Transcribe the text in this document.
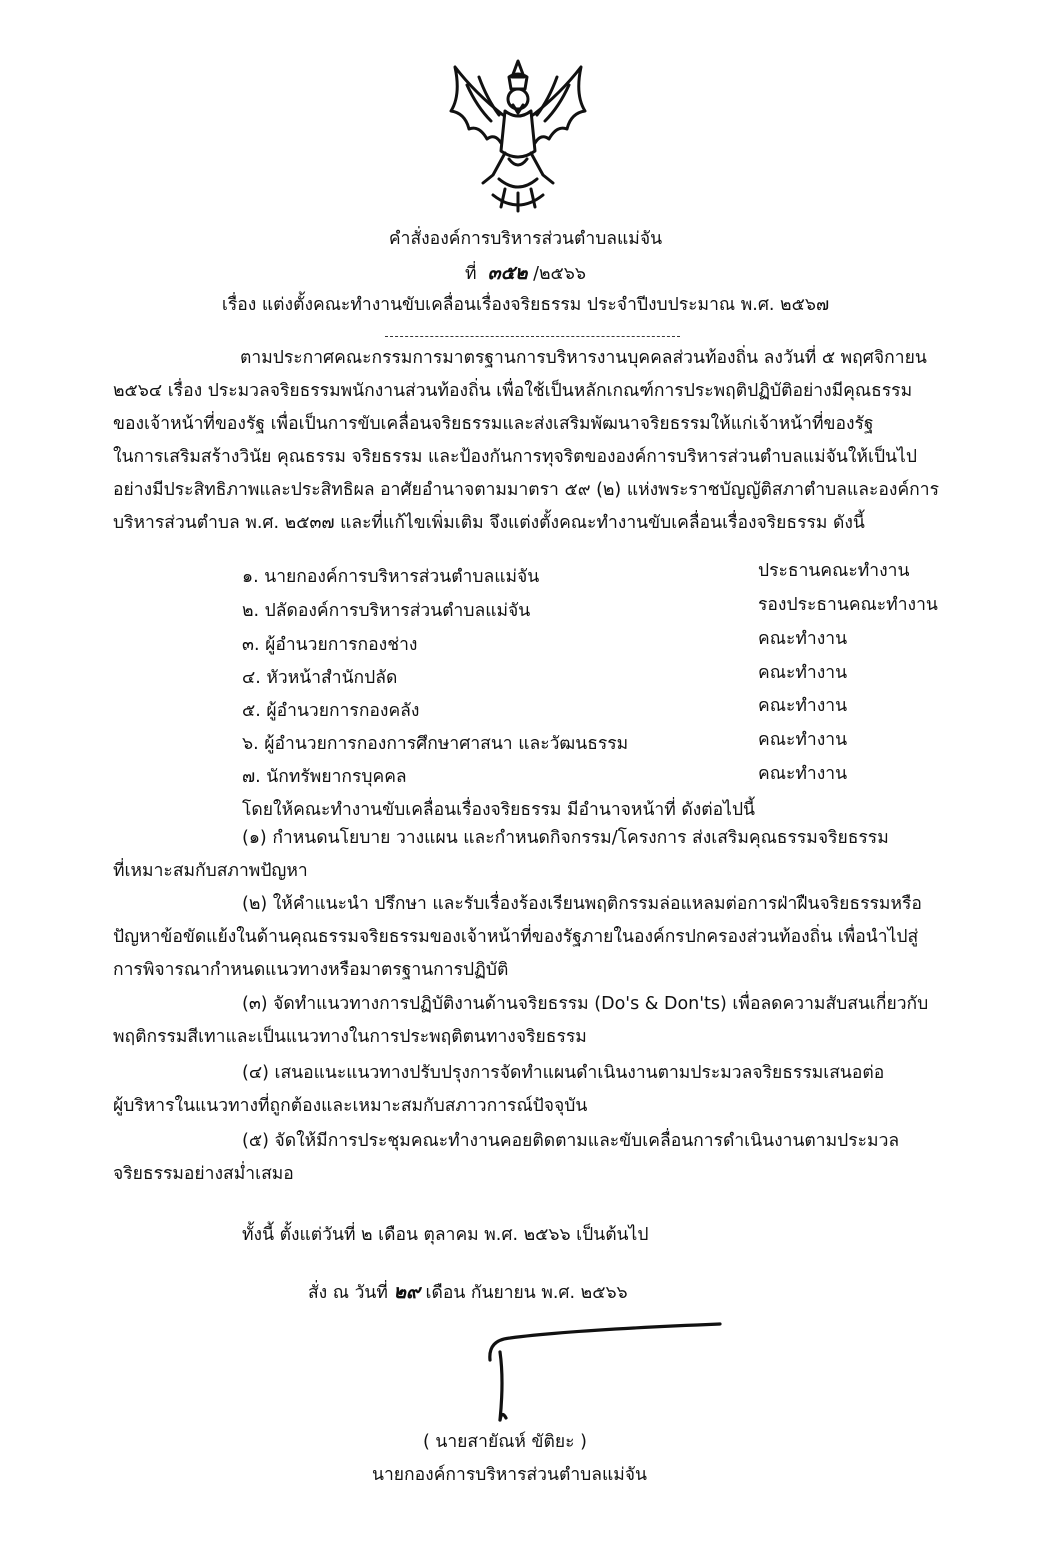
คำสั่งองค์การบริหารส่วนตำบลแม่จัน
ที่ ๓๕๒ /๒๕๖๖
เรื่อง แต่งตั้งคณะทำงานขับเคลื่อนเรื่องจริยธรรม ประจำปีงบประมาณ พ.ศ. ๒๕๖๗
ตามประกาศคณะกรรมการมาตรฐานการบริหารงานบุคคลส่วนท้องถิ่น ลงวันที่ ๕ พฤศจิกายน
๒๕๖๔ เรื่อง ประมวลจริยธรรมพนักงานส่วนท้องถิ่น เพื่อใช้เป็นหลักเกณฑ์การประพฤติปฏิบัติอย่างมีคุณธรรม
ของเจ้าหน้าที่ของรัฐ เพื่อเป็นการขับเคลื่อนจริยธรรมและส่งเสริมพัฒนาจริยธรรมให้แก่เจ้าหน้าที่ของรัฐ
ในการเสริมสร้างวินัย คุณธรรม จริยธรรม และป้องกันการทุจริตขององค์การบริหารส่วนตำบลแม่จันให้เป็นไป
อย่างมีประสิทธิภาพและประสิทธิผล อาศัยอำนาจตามมาตรา ๕๙ (๒) แห่งพระราชบัญญัติสภาตำบลและองค์การ
บริหารส่วนตำบล พ.ศ. ๒๕๓๗ และที่แก้ไขเพิ่มเติม จึงแต่งตั้งคณะทำงานขับเคลื่อนเรื่องจริยธรรม ดังนี้
๑. นายกองค์การบริหารส่วนตำบลแม่จัน	ประธานคณะทำงาน
๒. ปลัดองค์การบริหารส่วนตำบลแม่จัน	รองประธานคณะทำงาน
๓. ผู้อำนวยการกองช่าง	คณะทำงาน
๔. หัวหน้าสำนักปลัด	คณะทำงาน
๕. ผู้อำนวยการกองคลัง	คณะทำงาน
๖. ผู้อำนวยการกองการศึกษาศาสนา และวัฒนธรรม	คณะทำงาน
๗. นักทรัพยากรบุคคล	คณะทำงาน
โดยให้คณะทำงานขับเคลื่อนเรื่องจริยธรรม มีอำนาจหน้าที่ ดังต่อไปนี้
(๑) กำหนดนโยบาย วางแผน และกำหนดกิจกรรม/โครงการ ส่งเสริมคุณธรรมจริยธรรม
ที่เหมาะสมกับสภาพปัญหา
(๒) ให้คำแนะนำ ปรึกษา และรับเรื่องร้องเรียนพฤติกรรมล่อแหลมต่อการฝ่าฝืนจริยธรรมหรือ
ปัญหาข้อขัดแย้งในด้านคุณธรรมจริยธรรมของเจ้าหน้าที่ของรัฐภายในองค์กรปกครองส่วนท้องถิ่น เพื่อนำไปสู่
การพิจารณากำหนดแนวทางหรือมาตรฐานการปฏิบัติ
(๓) จัดทำแนวทางการปฏิบัติงานด้านจริยธรรม (Do's & Don'ts) เพื่อลดความสับสนเกี่ยวกับ
พฤติกรรมสีเทาและเป็นแนวทางในการประพฤติตนทางจริยธรรม
(๔) เสนอแนะแนวทางปรับปรุงการจัดทำแผนดำเนินงานตามประมวลจริยธรรมเสนอต่อ
ผู้บริหารในแนวทางที่ถูกต้องและเหมาะสมกับสภาวการณ์ปัจจุบัน
(๕) จัดให้มีการประชุมคณะทำงานคอยติดตามและขับเคลื่อนการดำเนินงานตามประมวล
จริยธรรมอย่างสม่ำเสมอ
ทั้งนี้ ตั้งแต่วันที่ ๒ เดือน ตุลาคม พ.ศ. ๒๕๖๖ เป็นต้นไป
สั่ง ณ วันที่ ๒๙ เดือน กันยายน พ.ศ. ๒๕๖๖
( นายสายัณห์ ขัติยะ )
นายกองค์การบริหารส่วนตำบลแม่จัน
